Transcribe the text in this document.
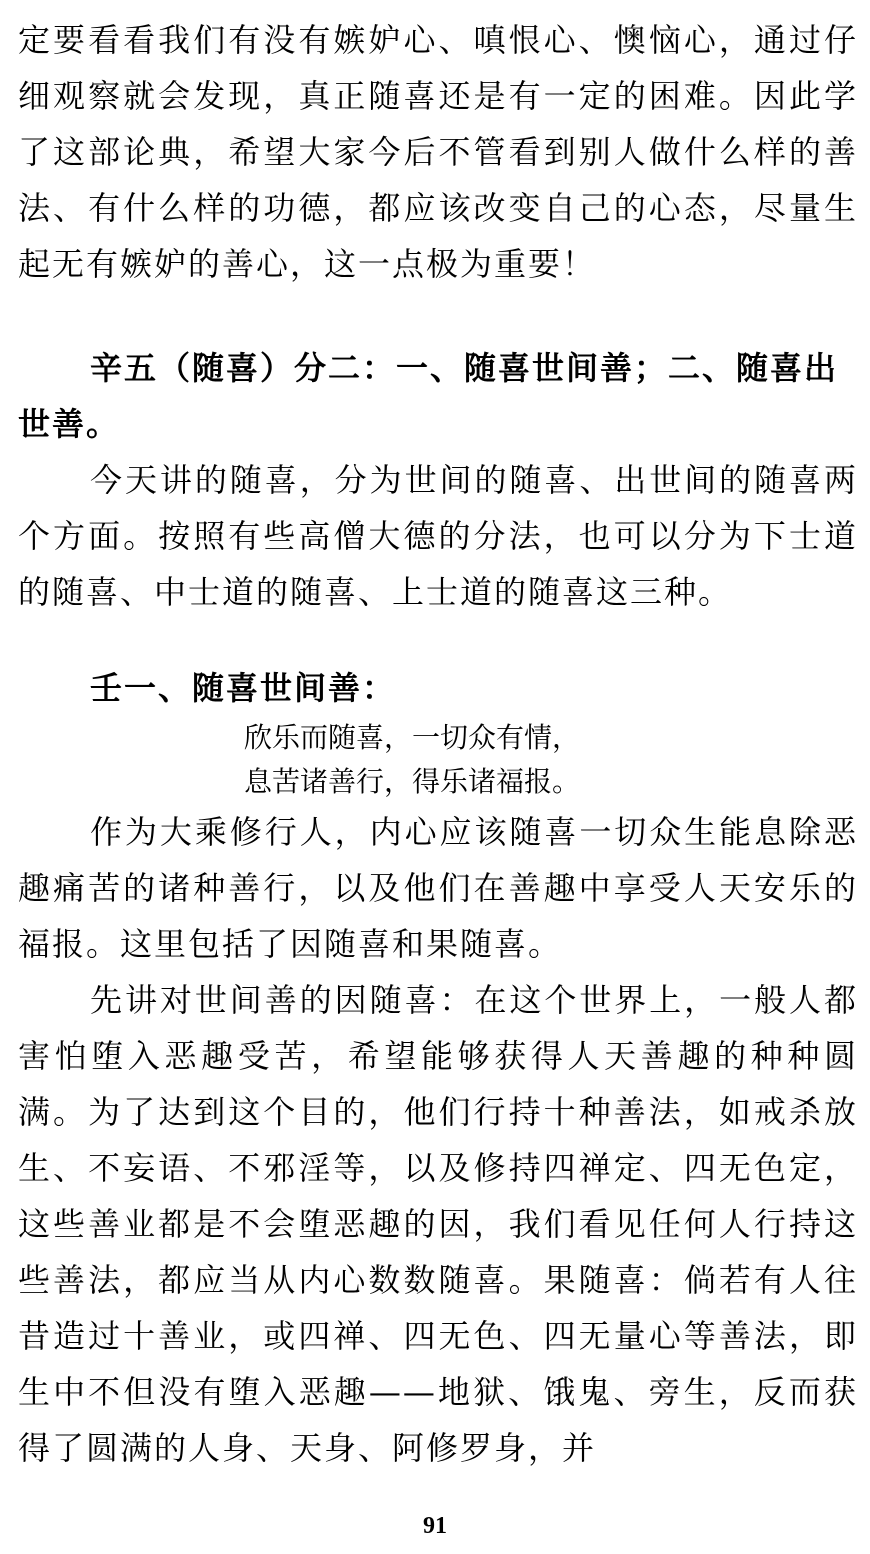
定要看看我们有没有嫉妒心、嗔恨心、懊恼心，通过仔细观察就会发现，真正随喜还是有一定的困难。因此学了这部论典，希望大家今后不管看到别人做什么样的善法、有什么样的功德，都应该改变自己的心态，尽量生起无有嫉妒的善心，这一点极为重要！

辛五（随喜）分二：一、随喜世间善；二、随喜出世善。

今天讲的随喜，分为世间的随喜、出世间的随喜两个方面。按照有些高僧大德的分法，也可以分为下士道的随喜、中士道的随喜、上士道的随喜这三种。

壬一、随喜世间善：

欣乐而随喜，一切众有情，

息苦诸善行，得乐诸福报。

作为大乘修行人，内心应该随喜一切众生能息除恶趣痛苦的诸种善行，以及他们在善趣中享受人天安乐的福报。这里包括了因随喜和果随喜。

先讲对世间善的因随喜：在这个世界上，一般人都害怕堕入恶趣受苦，希望能够获得人天善趣的种种圆满。为了达到这个目的，他们行持十种善法，如戒杀放生、不妄语、不邪淫等，以及修持四禅定、四无色定，这些善业都是不会堕恶趣的因，我们看见任何人行持这些善法，都应当从内心数数随喜。果随喜：倘若有人往昔造过十善业，或四禅、四无色、四无量心等善法，即生中不但没有堕入恶趣——地狱、饿鬼、旁生，反而获得了圆满的人身、天身、阿修罗身，并

91
